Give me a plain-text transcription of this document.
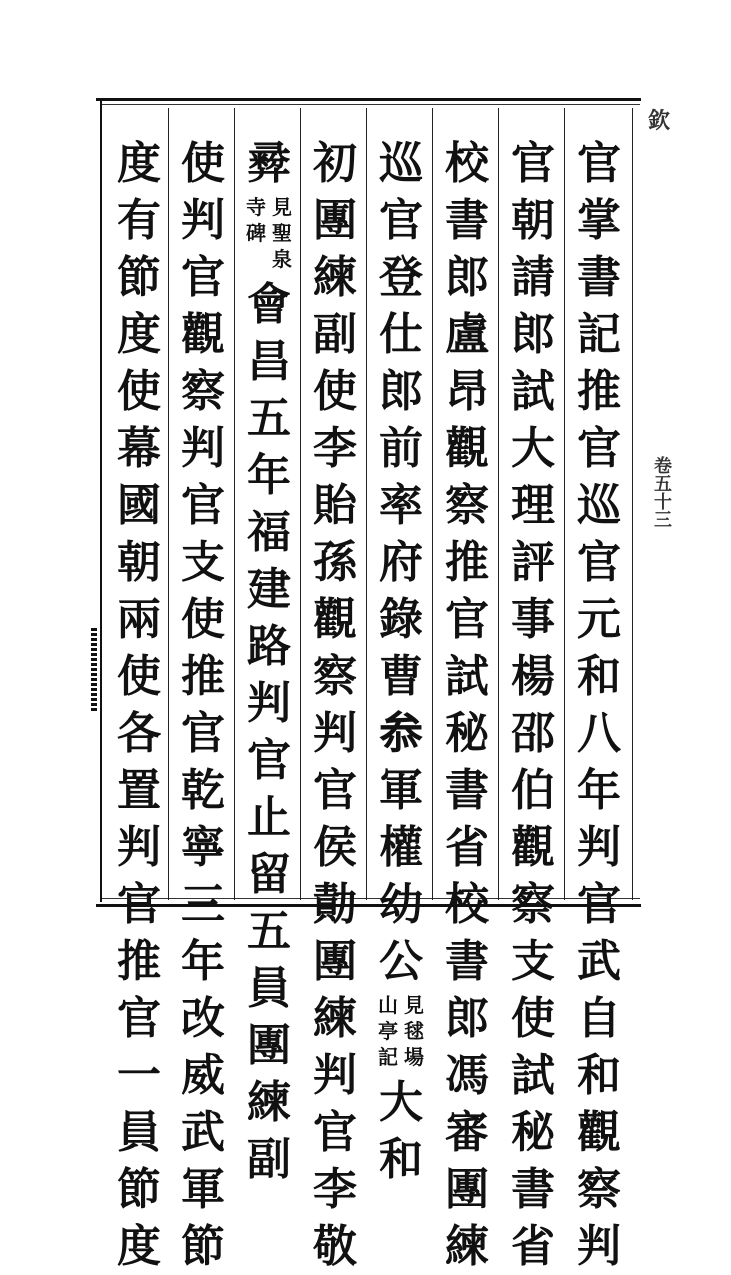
欽
卷五十三
官
掌
書
記
推
官
巡
官
元
和
八
年
判
官
武
自
和
觀
察
判
官
朝
請
郎
試
大
理
評
事
楊
邵
伯
觀
察
支
使
試
秘
書
省
校
書
郎
盧
昂
觀
察
推
官
試
秘
書
省
校
書
郎
馮
審
團
練
巡
官
登
仕
郎
前
率
府
錄
曹
𠫵
軍
權
幼
公
見
毬
場
山
亭
記
大
和
初
團
練
副
使
李
貽
孫
觀
察
判
官
侯
勣
團
練
判
官
李
敬
彛
見
聖
泉
寺
碑
會
昌
五
年
福
建
路
判
官
止
留
五
員
團
練
副
使
判
官
觀
察
判
官
支
使
推
官
乾
寧
三
年
改
威
武
軍
節
度
有
節
度
使
幕
國
朝
兩
使
各
置
判
官
推
官
一
員
節
度
